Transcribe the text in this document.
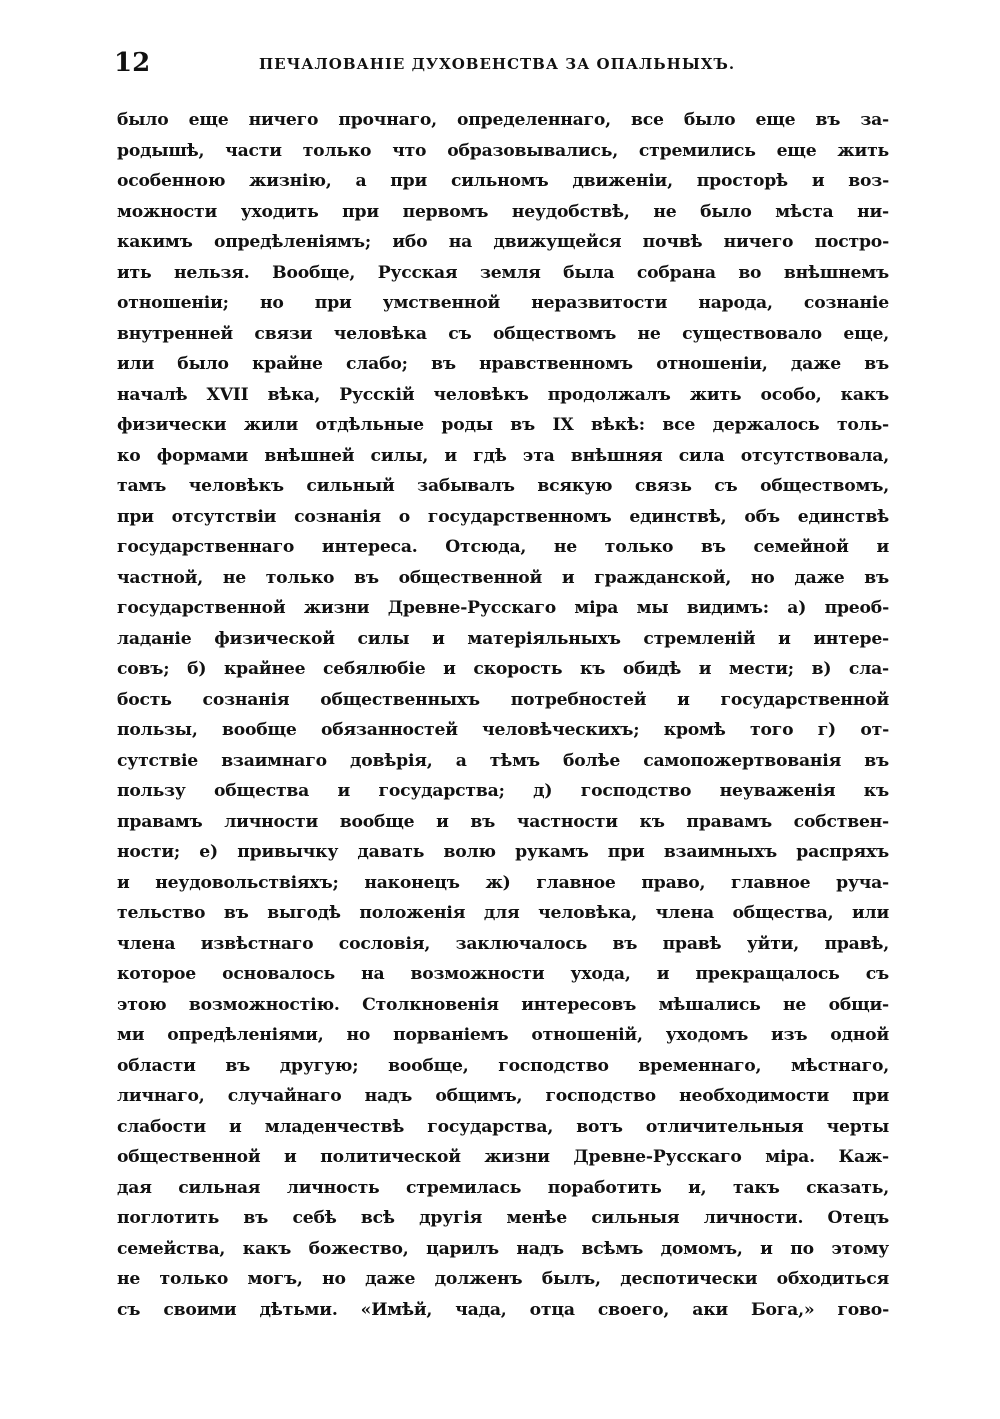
12	ПЕЧАЛОВАНІЕ ДУХОВЕНСТВА ЗА ОПАЛЬНЫХЪ.
было еще ничего прочнаго, определеннаго, все было еще въ за-
родышѣ, части только что образовывались, стремились еще жить
особенною жизнію, а при сильномъ движеніи, просторѣ и воз-
можности уходить при первомъ неудобствѣ, не было мѣста ни-
какимъ опредѣленіямъ; ибо на движущейся почвѣ ничего постро-
ить нельзя. Вообще, Русская земля была собрана во внѣшнемъ
отношеніи; но при умственной неразвитости народа, сознаніе
внутренней связи человѣка съ обществомъ не существовало еще,
или было крайне слабо; въ нравственномъ отношеніи, даже въ
началѣ XVII вѣка, Русскій человѣкъ продолжалъ жить особо, какъ
физически жили отдѣльные роды въ IX вѣкѣ: все держалось толь-
ко формами внѣшней силы, и гдѣ эта внѣшняя сила отсутствовала,
тамъ человѣкъ сильный забывалъ всякую связь съ обществомъ,
при отсутствіи сознанія о государственномъ единствѣ, объ единствѣ
государственнаго интереса. Отсюда, не только въ семейной и
частной, не только въ общественной и гражданской, но даже въ
государственной жизни Древне-Русскаго міра мы видимъ: а) преоб-
ладаніе физической силы и матеріяльныхъ стремленій и интере-
совъ; б) крайнее себялюбіе и скорость къ обидѣ и мести; в) сла-
бость сознанія общественныхъ потребностей и государственной
пользы, вообще обязанностей человѣческихъ; кромѣ того г) от-
сутствіе взаимнаго довѣрія, а тѣмъ болѣе самопожертвованія въ
пользу общества и государства; д) господство неуваженія къ
правамъ личности вообще и въ частности къ правамъ собствен-
ности; е) привычку давать волю рукамъ при взаимныхъ распряхъ
и неудовольствіяхъ; наконецъ ж) главное право, главное руча-
тельство въ выгодѣ положенія для человѣка, члена общества, или
члена извѣстнаго сословія, заключалось въ правѣ уйти, правѣ,
которое основалось на возможности ухода, и прекращалось съ
этою возможностію. Столкновенія интересовъ мѣшались не общи-
ми опредѣленіями, но порваніемъ отношеній, уходомъ изъ одной
области въ другую; вообще, господство временнаго, мѣстнаго,
личнаго, случайнаго надъ общимъ, господство необходимости при
слабости и младенчествѣ государства, вотъ отличительныя черты
общественной и политической жизни Древне-Русскаго міра. Каж-
дая сильная личность стремилась поработить и, такъ сказать,
поглотить въ себѣ всѣ другія менѣе сильныя личности. Отецъ
семейства, какъ божество, царилъ надъ всѣмъ домомъ, и по этому
не только могъ, но даже долженъ былъ, деспотически обходиться
съ своими дѣтьми. «Имѣй, чада, отца своего, аки Бога,» гово-
